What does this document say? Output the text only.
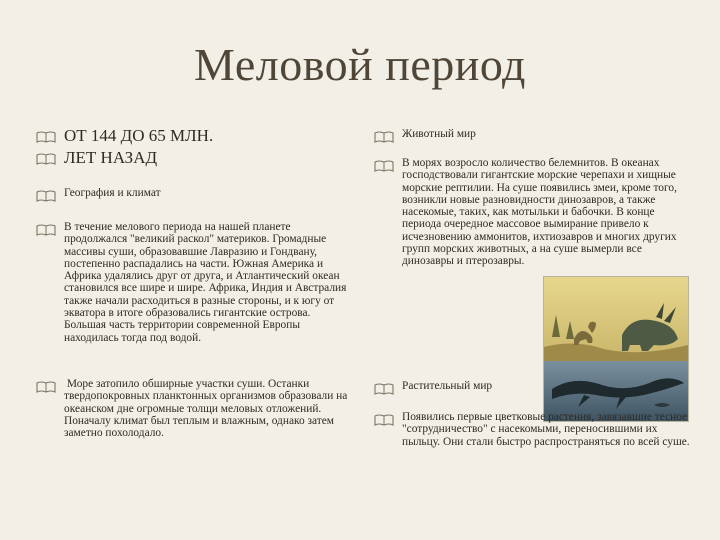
Меловой период
ОТ 144 ДО 65 МЛН.
ЛЕТ НАЗАД
География и климат
В течение мелового периода на нашей планете продолжался "великий раскол" материков. Громадные массивы суши, образовавшие Лавразию и Гондвану, постепенно распадались на части. Южная Америка и Африка удалялись друг от друга, и Атлантический океан становился все шире и шире. Африка, Индия и Австралия также начали расходиться в разные стороны, и к югу от экватора в итоге образовались гигантские острова. Большая часть территории современной Европы находилась тогда под водой.
Море затопило обширные участки суши. Останки твердопокровных планктонных организмов образовали на океанском дне огромные толщи меловых отложений. Поначалу климат был теплым и влажным, однако затем заметно похолодало.
Животный мир
В морях возросло количество белемнитов. В океанах господствовали гигантские морские черепахи и хищные морские рептилии. На суше появились змеи, кроме того, возникли новые разновидности динозавров, а также насекомые, таких, как мотыльки и бабочки. В конце периода очередное массовое вымирание привело к исчезновению аммонитов, ихтиозавров и многих других групп морских животных, а на суше вымерли все динозавры и птерозавры.
Растительный мир
Появились первые цветковые растения, завязавшие тесное "сотрудничество" с насекомыми, переносившими их пыльцу. Они стали быстро распространяться по всей суше.
